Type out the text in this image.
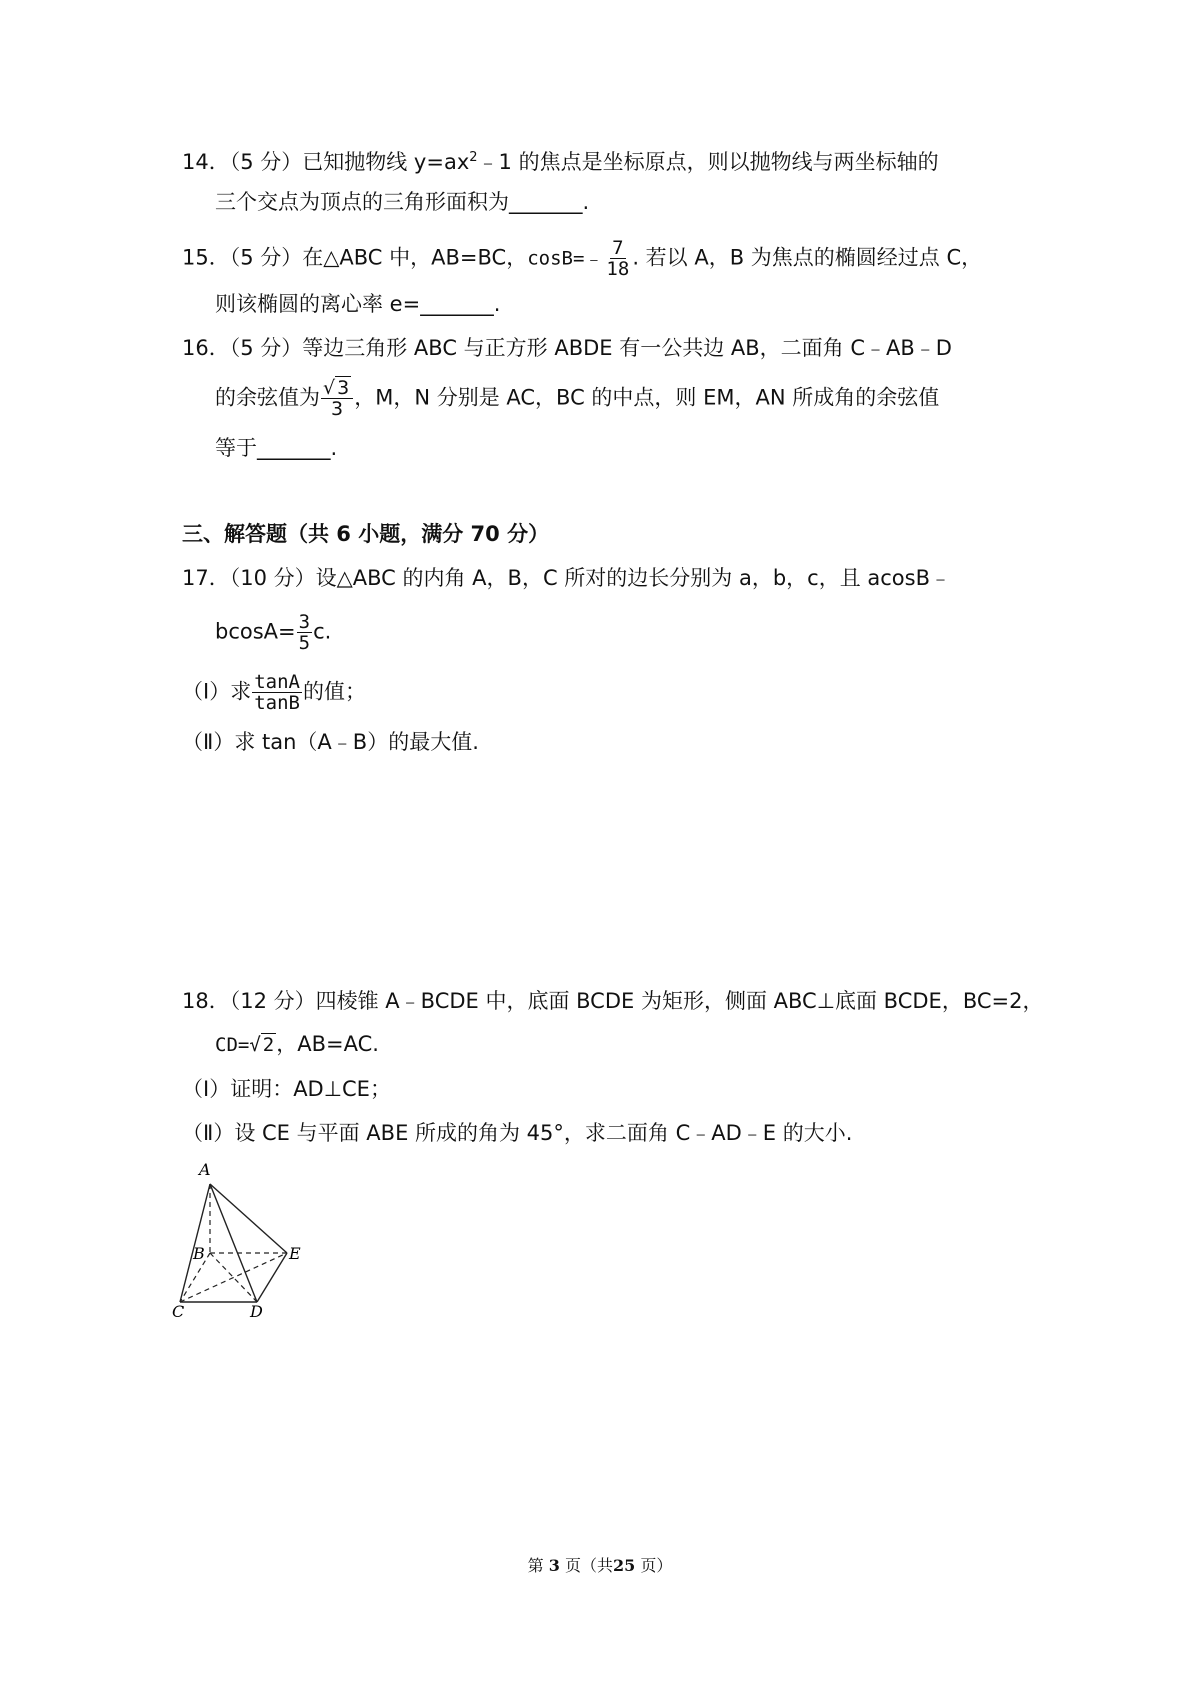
14．（5 分）已知抛物线 $y=ax^2﹣1$ 的焦点是坐标原点，则以抛物线与两坐标轴的
三个交点为顶点的三角形面积为_______.
15．（5 分）在△ABC 中，AB=BC，cosB=﹣ $\frac{7}{18}$ . 若以 A，B 为焦点的椭圆经过点 C，
则该椭圆的离心率 e=_______.
16．（5 分）等边三角形 ABC 与正方形 ABDE 有一公共边 AB，二面角 C﹣AB﹣D
的余弦值为 $\frac{√ 3}{3}$ ，M，N 分别是 AC，BC 的中点，则 EM，AN 所成角的余弦值
等于_______.
三、解答题（共 6 小题，满分 70 分）
17．（10 分）设△ABC 的内角 A，B，C 所对的边长分别为 a，b，c，且 acosB﹣
$bcosA= \frac{3}{5} c$.
（Ⅰ）求 $\frac{\tan A}{\tan B}$ 的值；
（Ⅱ）求 tan（A﹣B）的最大值.
18．（12 分）四棱锥 A﹣BCDE 中，底面 BCDE 为矩形，侧面 ABC⊥底面 BCDE，BC=2，
CD=√ 2，AB=AC.
（Ⅰ）证明：AD⊥CE；
（Ⅱ）设 CE 与平面 ABE 所成的角为 45°，求二面角 C﹣AD﹣E 的大小.
A
B
C	D
E
第 3 页（共25 页）
